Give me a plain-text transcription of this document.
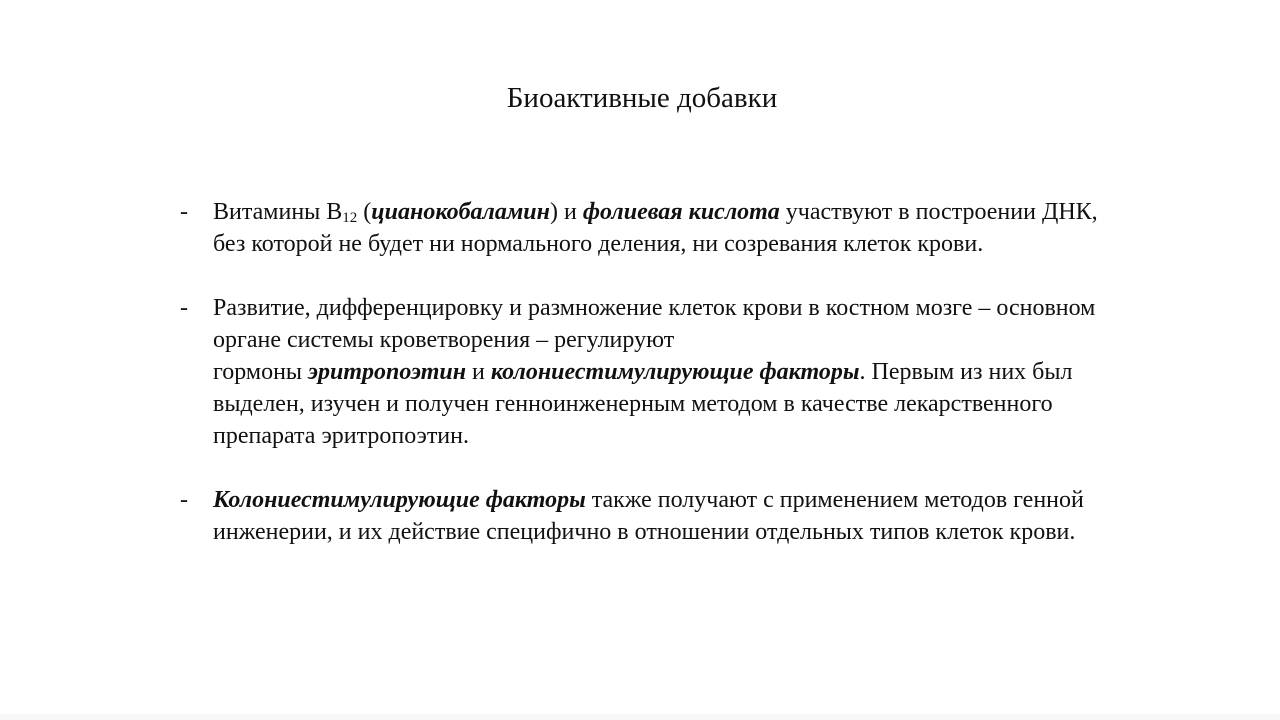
Биоактивные добавки
- Витамины $В_{12}$ (цианокобаламин) и фолиевая кислота участвуют в построении ДНК, без которой не будет ни нормального деления, ни созревания клеток крови.
- Развитие, дифференцировку и размножение клеток крови в костном мозге – основном органе системы кроветворения – регулируют
гормоны эритропоэтин и колониестимулирующие факторы. Первым из них был выделен, изучен и получен генноинженерным методом в качестве лекарственного препарата эритропоэтин.
- Колониестимулирующие факторы также получают с применением методов генной инженерии, и их действие специфично в отношении отдельных типов клеток крови.
